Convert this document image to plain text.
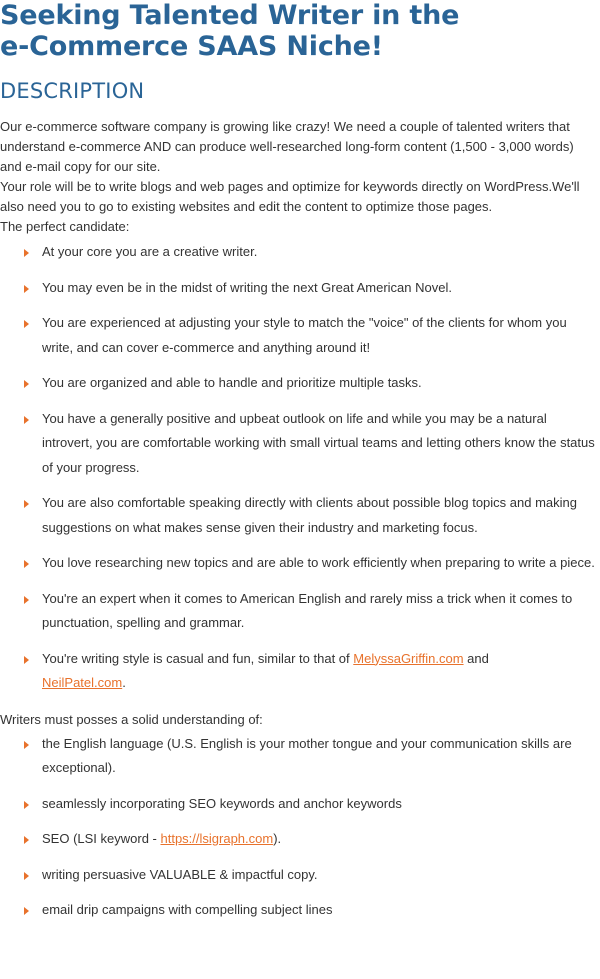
Seeking Talented Writer in the
e-Commerce SAAS Niche!
DESCRIPTION

Our e-commerce software company is growing like crazy! We need a couple of talented writers that understand e-commerce AND can produce well-researched long-form content (1,500 - 3,000 words) and e-mail copy for our site.

Your role will be to write blogs and web pages and optimize for keywords directly on WordPress.We'll also need you to go to existing websites and edit the content to optimize those pages.

The perfect candidate:

At your core you are a creative writer.
You may even be in the midst of writing the next Great American Novel.
You are experienced at adjusting your style to match the "voice" of the clients for whom you write, and can cover e-commerce and anything around it!
You are organized and able to handle and prioritize multiple tasks.
You have a generally positive and upbeat outlook on life and while you may be a natural introvert, you are comfortable working with small virtual teams and letting others know the status of your progress.
You are also comfortable speaking directly with clients about possible blog topics and making suggestions on what makes sense given their industry and marketing focus.
You love researching new topics and are able to work efficiently when preparing to write a piece.
You're an expert when it comes to American English and rarely miss a trick when it comes to punctuation, spelling and grammar.
You're writing style is casual and fun, similar to that of MelyssaGriffin.com and
NeilPatel.com.

Writers must posses a solid understanding of:

the English language (U.S. English is your mother tongue and your communication skills are exceptional).
seamlessly incorporating SEO keywords and anchor keywords
SEO (LSI keyword - https://lsigraph.com).
writing persuasive VALUABLE & impactful copy.
email drip campaigns with compelling subject lines
